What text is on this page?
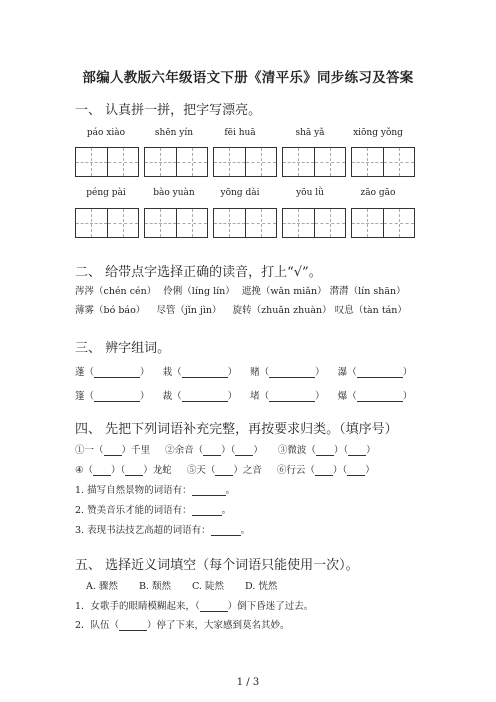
部编人教版六年级语文下册《清平乐》同步练习及答案
一、 认真拼一拼，把字写漂亮。
páo xiào	shēn yín	fēi huā	shā yǎ	xiōng yǒng
péng pài	bào yuàn	yōng dài	yōu lǜ	zāo gāo
二、 给带点字选择正确的读音，打上“√”。
涔涔（chén cén） 伶俐（líng lín） 遮挽（wǎn miǎn） 潸潸（lín shān）
薄雾（bó báo） 尽管（jǐn jìn） 旋转（zhuǎn zhuàn） 叹息（tàn tán）
三、 辨字组词。
蓬（	） 栽（	） 赌（	） 瀑（	）
篷（	） 裁（	） 堵（	） 爆（	）
四、 先把下列词语补充完整，再按要求归类。（填序号）
①一（ ）千里 ②余音（ ）（ ） ③微波（ ）（ ）
④（ ）（ ）龙蛇 ⑤天（ ）之音 ⑥行云（ ）（ ）
1. 描写自然景物的词语有：	。
2. 赞美音乐才能的词语有：	。
3. 表现书法技艺高超的词语有：	。
五、 选择近义词填空（每个词语只能使用一次）。
A. 骤然 B. 颓然 C. 陡然 D. 恍然
1．女歌手的眼睛模糊起来，（	）倒下昏迷了过去。
2．队伍（	）停了下来，大家感到莫名其妙。
1 / 3
